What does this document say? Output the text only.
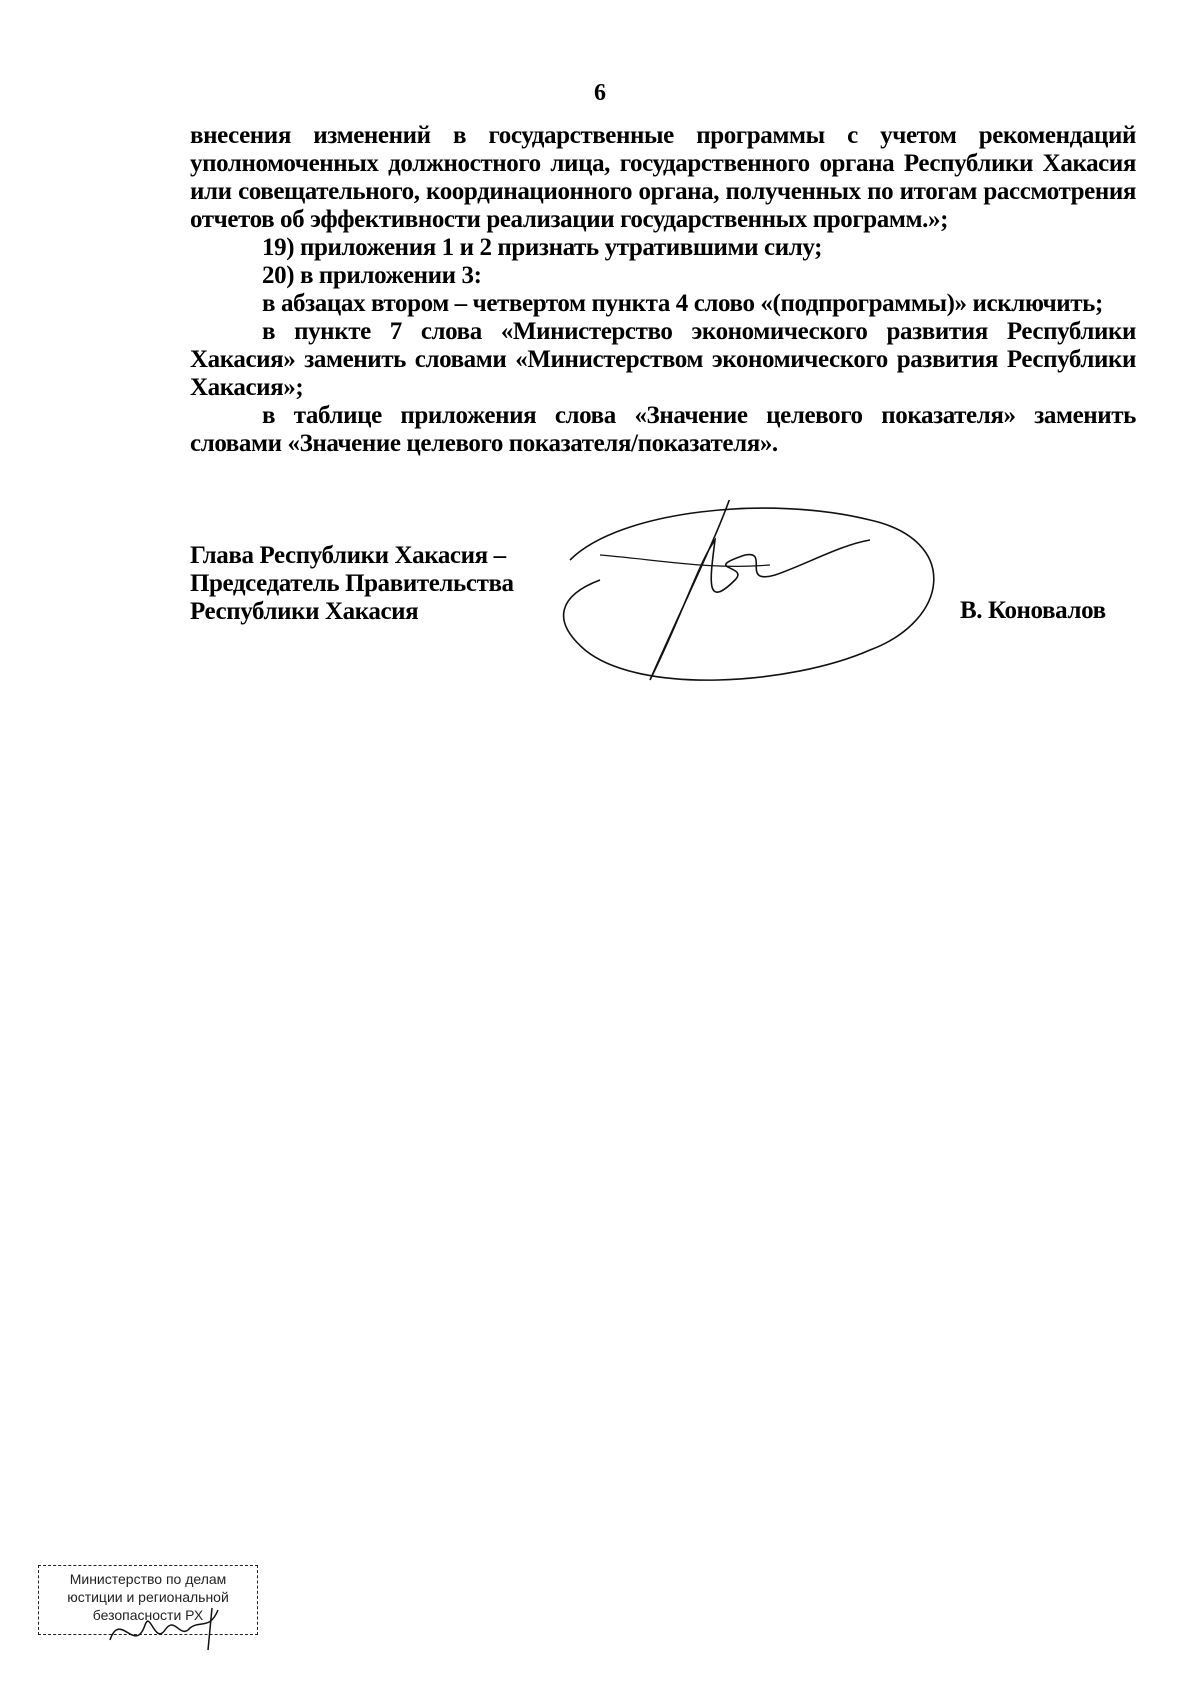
6

внесения изменений в государственные программы с учетом рекомендаций уполномоченных должностного лица, государственного органа Республики Хакасия или совещательного, координационного органа, полученных по итогам рассмотрения отчетов об эффективности реализации государственных программ.»;

19) приложения 1 и 2 признать утратившими силу;

20) в приложении 3:

в абзацах втором – четвертом пункта 4 слово «(подпрограммы)» исключить;

в пункте 7 слова «Министерство экономического развития Республики Хакасия» заменить словами «Министерством экономического развития Республики Хакасия»;

в таблице приложения слова «Значение целевого показателя» заменить словами «Значение целевого показателя/показателя».

Глава Республики Хакасия –
Председатель Правительства
Республики Хакасия	В. Коновалов
Министерство по делам
юстиции и региональной
безопасности РХ
